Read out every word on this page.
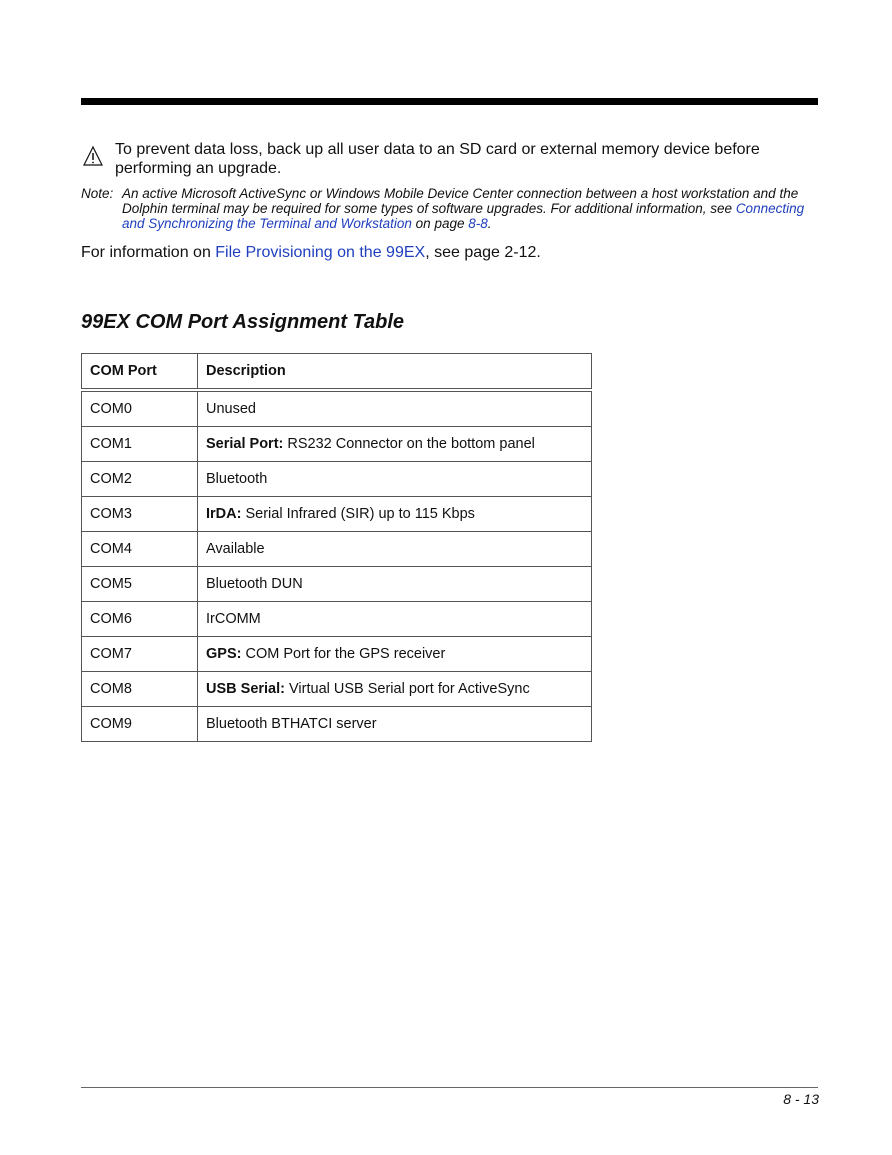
To prevent data loss, back up all user data to an SD card or external memory device before performing an upgrade.
Note: An active Microsoft ActiveSync or Windows Mobile Device Center connection between a host workstation and the Dolphin terminal may be required for some types of software upgrades. For additional information, see Connecting and Synchronizing the Terminal and Workstation on page 8-8.
For information on File Provisioning on the 99EX, see page 2-12.
99EX COM Port Assignment Table
COM Port	Description
COM0	Unused
COM1	Serial Port: RS232 Connector on the bottom panel
COM2	Bluetooth
COM3	IrDA: Serial Infrared (SIR) up to 115 Kbps
COM4	Available
COM5	Bluetooth DUN
COM6	IrCOMM
COM7	GPS: COM Port for the GPS receiver
COM8	USB Serial: Virtual USB Serial port for ActiveSync
COM9	Bluetooth BTHATCI server
8 - 13
